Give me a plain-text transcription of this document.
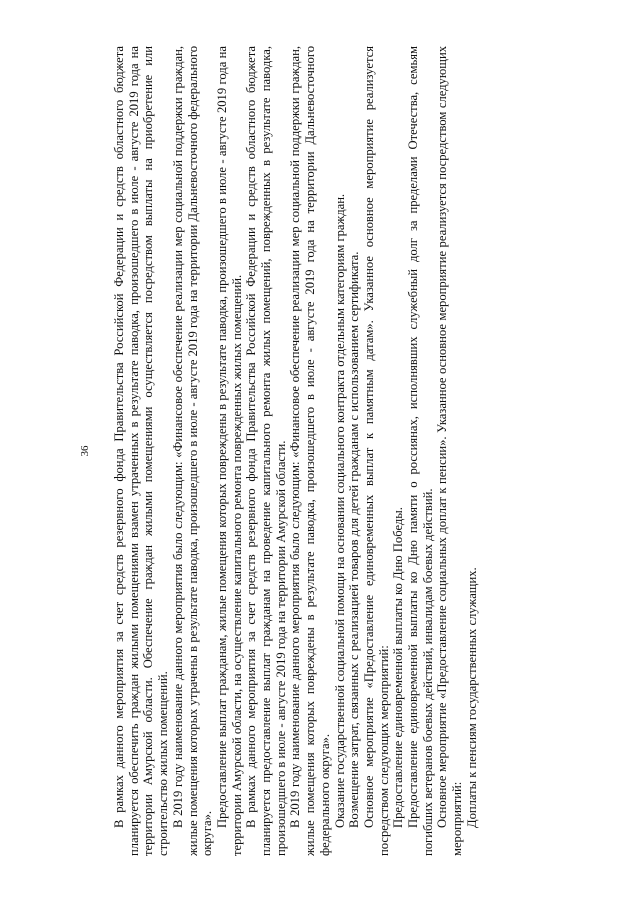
36 В рамках данного мероприятия за счет средств резервного фонда Правительства Российской Федерации и средств областного бюджета планируется обеспечить граждан жилыми помещениями взамен утраченных в результате паводка, произошедшего в июле - августе 2019 года на территории Амурской области. Обеспечение граждан жилыми помещениями осуществляется посредством выплаты на приобретение или строительство жилых помещений. В 2019 году наименование данного мероприятия было следующим: «Финансовое обеспечение реализации мер социальной поддержки граждан, жилые помещения которых утрачены в результате паводка, произошедшего в июле - августе 2019 года на территории Дальневосточного федерального округа».

Предоставление выплат гражданам, жилые помещения которых повреждены в результате паводка, произошедшего в июле - августе 2019 года на территории Амурской области, на осуществление капитального ремонта поврежденных жилых помещений. В рамках данного мероприятия за счет средств резервного фонда Правительства Российской Федерации и средств областного бюджета планируется предоставление выплат гражданам на проведение капитального ремонта жилых помещений, поврежденных в результате паводка, произошедшего в июле - августе 2019 года на территории Амурской области. В 2019 году наименование данного мероприятия было следующим: «Финансовое обеспечение реализации мер социальной поддержки граждан, жилые помещения которых повреждены в результате паводка, произошедшего в июле - августе 2019 года на территории Дальневосточного федерального округа». Оказание государственной социальной помощи на основании социального контракта отдельным категориям граждан. Возмещение затрат, связанных с реализацией товаров для детей гражданам с использованием сертификата. Основное мероприятие «Предоставление единовременных выплат к памятным датам». Указанное основное мероприятие реализуется посредством следующих мероприятий: Предоставление единовременной выплаты ко Дню Победы. Предоставление единовременной выплаты ко Дню памяти о россиянах, исполнявших служебный долг за пределами Отечества, семьям погибших ветеранов боевых действий, инвалидам боевых действий. Основное мероприятие «Предоставление социальных доплат к пенсии». Указанное основное мероприятие реализуется посредством следующих мероприятий: Доплаты к пенсиям государственных служащих.
